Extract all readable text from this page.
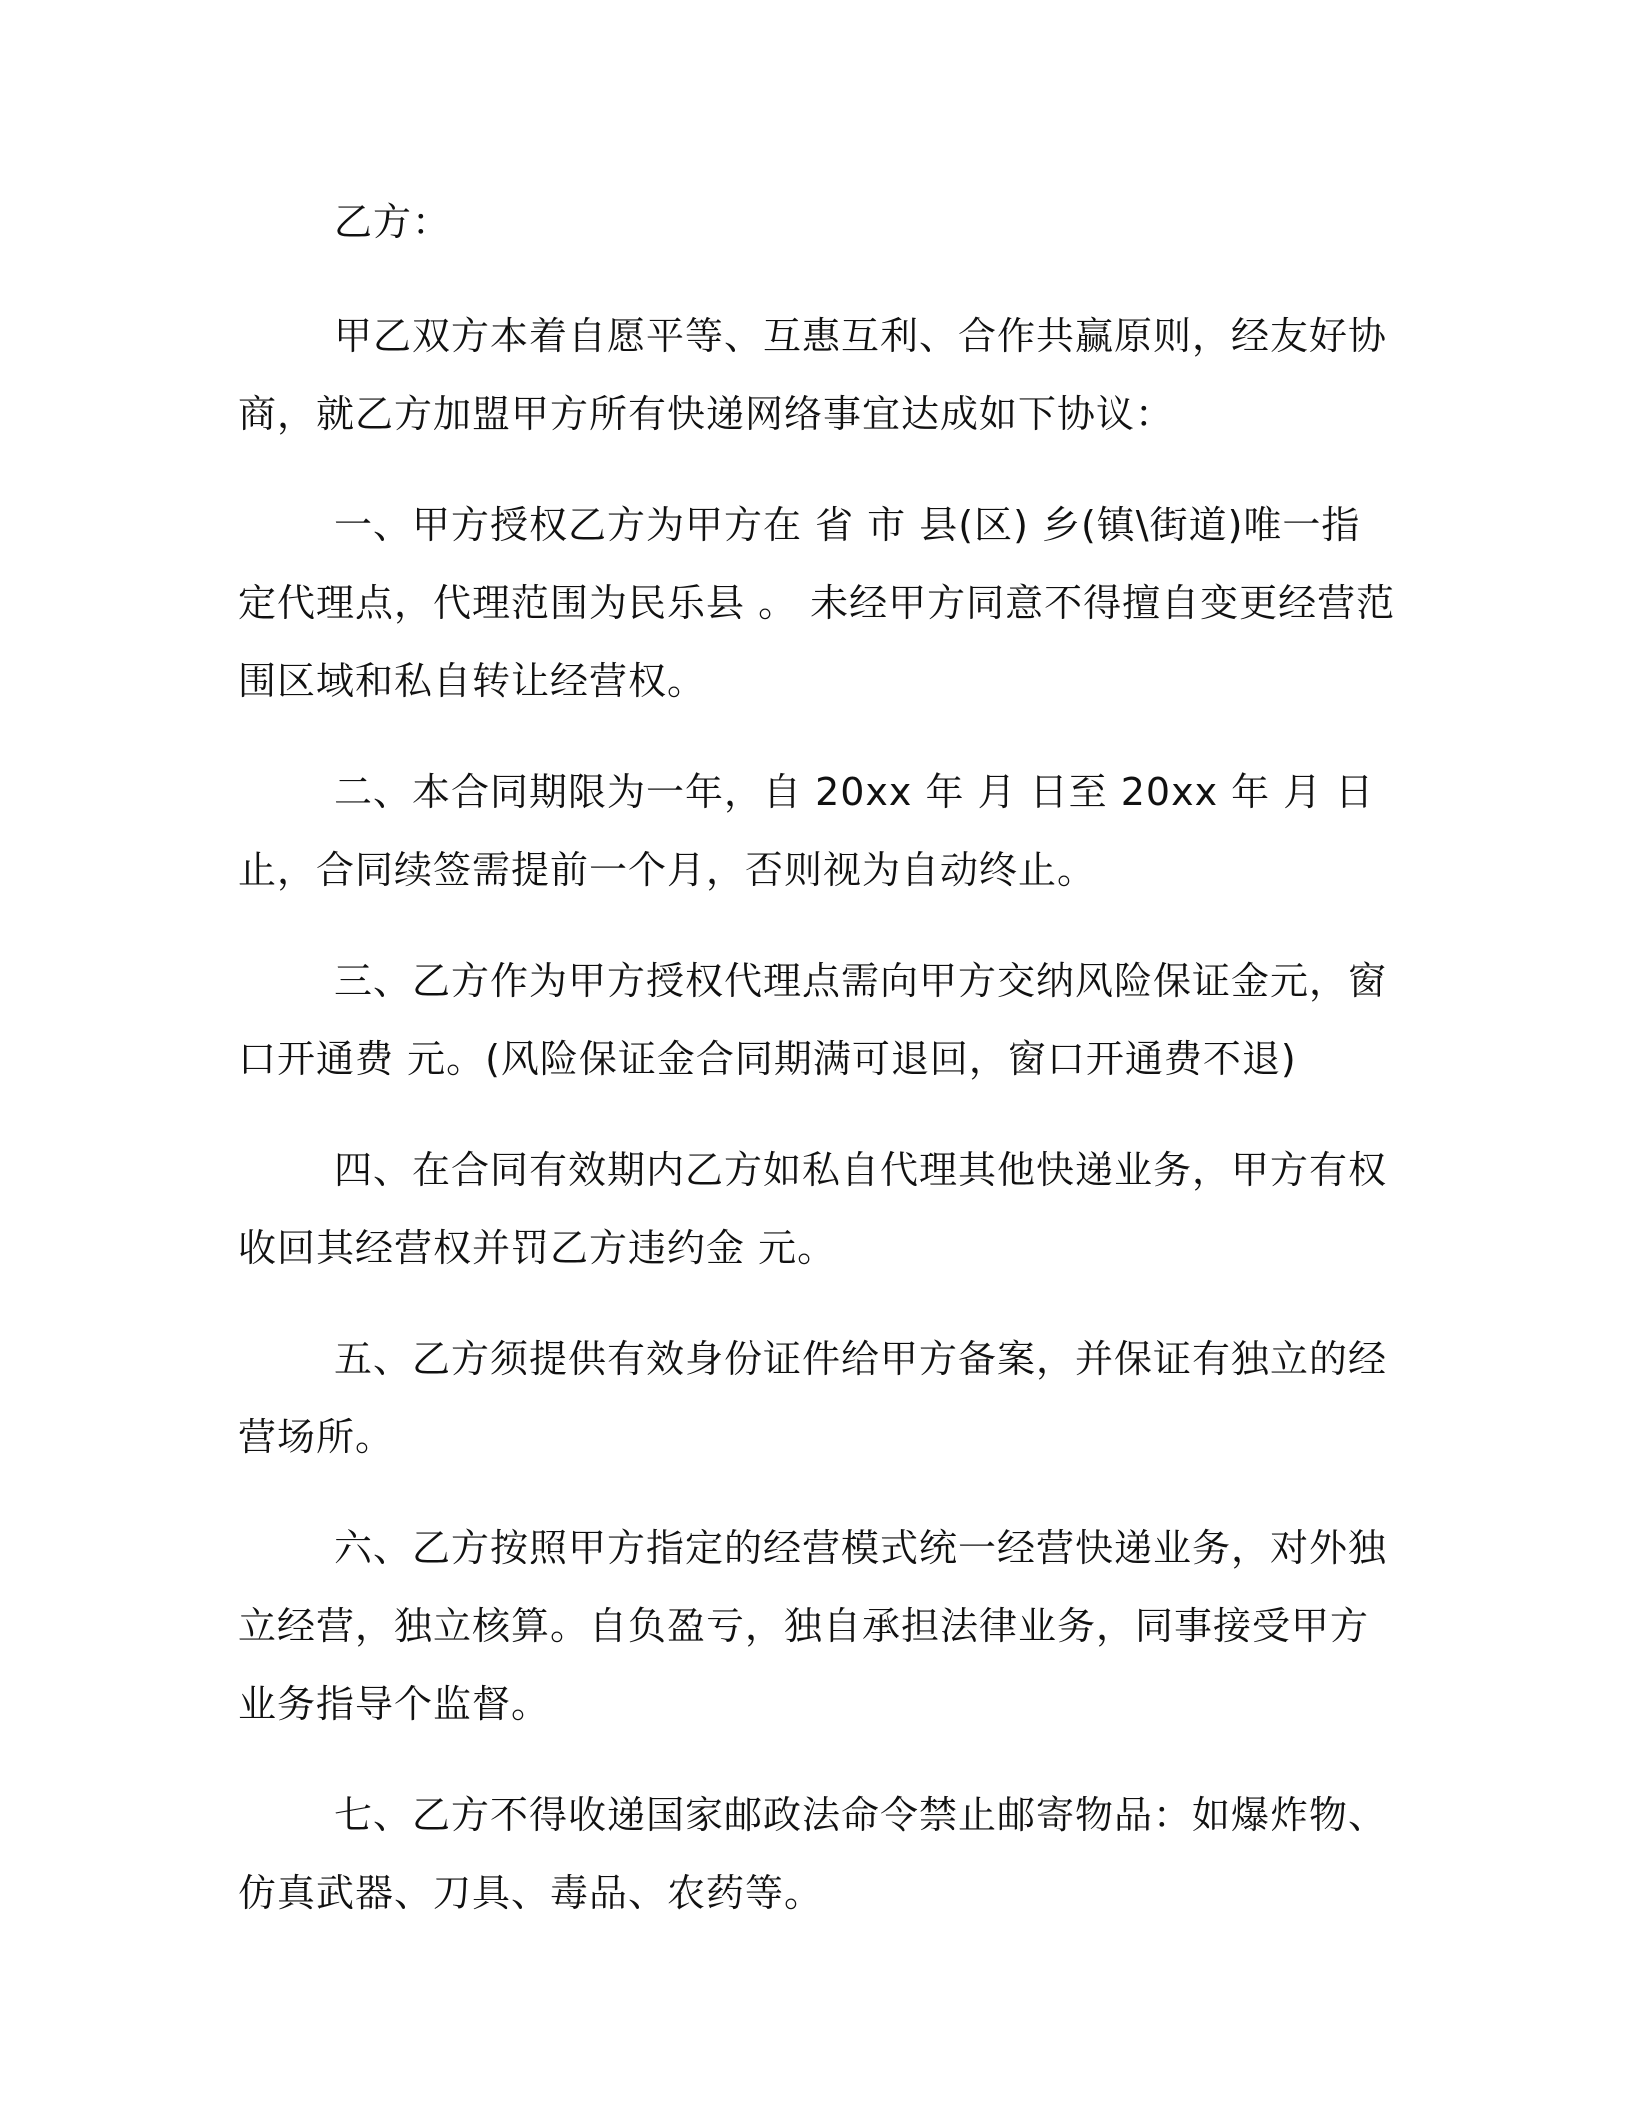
乙方：

甲乙双方本着自愿平等、互惠互利、合作共赢原则，经友好协商，就乙方加盟甲方所有快递网络事宜达成如下协议：

一、甲方授权乙方为甲方在 省 市 县(区) 乡(镇\街道)唯一指定代理点，代理范围为民乐县 。 未经甲方同意不得擅自变更经营范围区域和私自转让经营权。

二、本合同期限为一年，自 20xx 年 月 日至 20xx 年 月 日止，合同续签需提前一个月，否则视为自动终止。

三、乙方作为甲方授权代理点需向甲方交纳风险保证金元，窗口开通费 元。(风险保证金合同期满可退回，窗口开通费不退)

四、在合同有效期内乙方如私自代理其他快递业务，甲方有权收回其经营权并罚乙方违约金 元。

五、乙方须提供有效身份证件给甲方备案，并保证有独立的经营场所。

六、乙方按照甲方指定的经营模式统一经营快递业务，对外独立经营，独立核算。自负盈亏，独自承担法律业务，同事接受甲方业务指导个监督。

七、乙方不得收递国家邮政法命令禁止邮寄物品：如爆炸物、仿真武器、刀具、毒品、农药等。
